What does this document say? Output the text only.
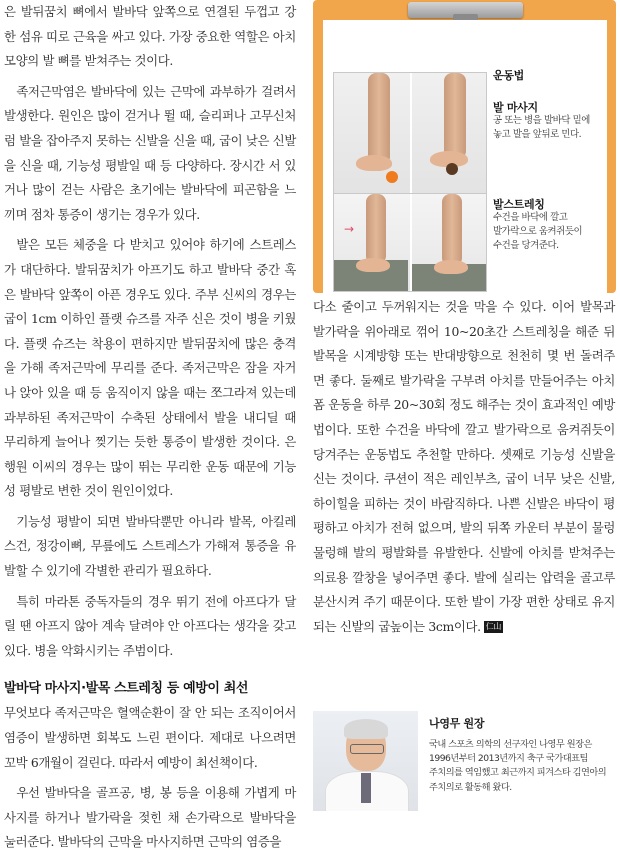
은 발뒤꿈치 뼈에서 발바닥 앞쪽으로 연결된 두껍고 강한 섬유 띠로 근육을 싸고 있다. 가장 중요한 역할은 아치 모양의 발 뼈를 받쳐주는 것이다.

족저근막염은 발바닥에 있는 근막에 과부하가 걸려서 발생한다. 원인은 많이 걷거나 뛸 때, 슬리퍼나 고무신처럼 발을 잡아주지 못하는 신발을 신을 때, 굽이 낮은 신발을 신을 때, 기능성 평발일 때 등 다양하다. 장시간 서 있거나 많이 걷는 사람은 초기에는 발바닥에 피곤함을 느끼며 점차 통증이 생기는 경우가 있다.

발은 모든 체중을 다 받치고 있어야 하기에 스트레스가 대단하다. 발뒤꿈치가 아프기도 하고 발바닥 중간 혹은 발바닥 앞쪽이 아픈 경우도 있다. 주부 신씨의 경우는 굽이 1cm 이하인 플랫 슈즈를 자주 신은 것이 병을 키웠다. 플랫 슈즈는 착용이 편하지만 발뒤꿈치에 많은 충격을 가해 족저근막에 무리를 준다. 족저근막은 잠을 자거나 앉아 있을 때 등 움직이지 않을 때는 쪼그라져 있는데 과부하된 족저근막이 수축된 상태에서 발을 내디딜 때 무리하게 늘어나 찢기는 듯한 통증이 발생한 것이다. 은행원 이씨의 경우는 많이 뛰는 무리한 운동 때문에 기능성 평발로 변한 것이 원인이었다.

기능성 평발이 되면 발바닥뿐만 아니라 발목, 아킬레스건, 정강이뼈, 무릎에도 스트레스가 가해져 통증을 유발할 수 있기에 각별한 관리가 필요하다.

특히 마라톤 중독자들의 경우 뛰기 전에 아프다가 달릴 땐 아프지 않아 계속 달려야 안 아프다는 생각을 갖고 있다. 병을 악화시키는 주범이다.

발바닥 마사지·발목 스트레칭 등 예방이 최선

무엇보다 족저근막은 혈액순환이 잘 안 되는 조직이어서 염증이 발생하면 회복도 느린 편이다. 제대로 나으려면 꼬박 6개월이 걸린다. 따라서 예방이 최선책이다.

우선 발바닥을 골프공, 병, 봉 등을 이용해 가볍게 마사지를 하거나 발가락을 젖힌 채 손가락으로 발바닥을 눌러준다. 발바닥의 근막을 마사지하면 근막의 염증을

→
운동법
발 마사지
공 또는 병을 발바닥 밑에
놓고 발을 앞뒤로 민다.
발스트레칭
수건을 바닥에 깔고
발가락으로 움켜쥐듯이
수건을 당겨준다.

다소 줄이고 두꺼워지는 것을 막을 수 있다. 이어 발목과 발가락을 위아래로 꺾어 10~20초간 스트레칭을 해준 뒤 발목을 시계방향 또는 반대방향으로 천천히 몇 번 돌려주면 좋다. 둘째로 발가락을 구부려 아치를 만들어주는 아치폼 운동을 하루 20~30회 정도 해주는 것이 효과적인 예방법이다. 또한 수건을 바닥에 깔고 발가락으로 움켜쥐듯이 당겨주는 운동법도 추천할 만하다. 셋째로 기능성 신발을 신는 것이다. 쿠션이 적은 레인부츠, 굽이 너무 낮은 신발, 하이힐을 피하는 것이 바람직하다. 나쁜 신발은 바닥이 평평하고 아치가 전혀 없으며, 발의 뒤쪽 카운터 부분이 물렁물렁해 발의 평발화를 유발한다. 신발에 아치를 받쳐주는 의료용 깔창을 넣어주면 좋다. 발에 실리는 압력을 골고루 분산시켜 주기 때문이다. 또한 발이 가장 편한 상태로 유지되는 신발의 굽높이는 3cm이다. 仁山

나영무 원장
국내 스포츠 의학의 선구자인 나영무 원장은
1996년부터 2013년까지 축구 국가대표팀
주치의를 역임했고 최근까지 피겨스타 김연아의
주치의로 활동해 왔다.
